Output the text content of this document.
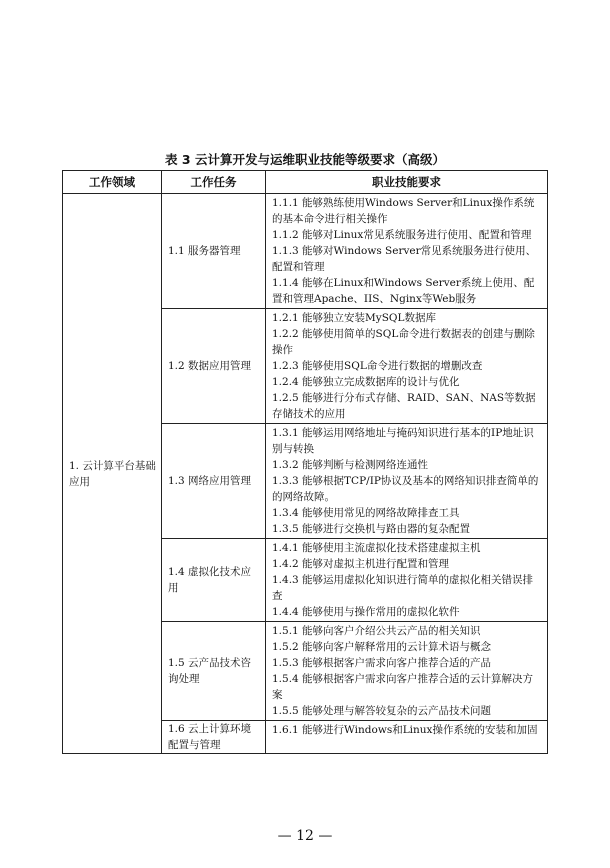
表 3 云计算开发与运维职业技能等级要求（高级）
工作领域	工作任务	职业技能要求
1. 云计算平台基础应用	1.1 服务器管理	1.1.1 能够熟练使用Windows Server和Linux操作系统的基本命令进行相关操作
1.1.2 能够对Linux常见系统服务进行使用、配置和管理
1.1.3 能够对Windows Server常见系统服务进行使用、配置和管理
1.1.4 能够在Linux和Windows Server系统上使用、配置和管理Apache、IIS、Nginx等Web服务

	1.2 数据应用管理	1.2.1 能够独立安装MySQL数据库
1.2.2 能够使用简单的SQL命令进行数据表的创建与删除操作
1.2.3 能够使用SQL命令进行数据的增删改查
1.2.4 能够独立完成数据库的设计与优化
1.2.5 能够进行分布式存储、RAID、SAN、NAS等数据存储技术的应用

	1.3 网络应用管理	1.3.1 能够运用网络地址与掩码知识进行基本的IP地址识别与转换
1.3.2 能够判断与检测网络连通性
1.3.3 能够根据TCP/IP协议及基本的网络知识排查简单的的网络故障。
1.3.4 能够使用常见的网络故障排查工具
1.3.5 能够进行交换机与路由器的复杂配置

	1.4 虚拟化技术应用	1.4.1 能够使用主流虚拟化技术搭建虚拟主机
1.4.2 能够对虚拟主机进行配置和管理
1.4.3 能够运用虚拟化知识进行简单的虚拟化相关错误排查
1.4.4 能够使用与操作常用的虚拟化软件

	1.5 云产品技术咨询处理	1.5.1 能够向客户介绍公共云产品的相关知识
1.5.2 能够向客户解释常用的云计算术语与概念
1.5.3 能够根据客户需求向客户推荐合适的产品
1.5.4 能够根据客户需求向客户推荐合适的云计算解决方案
1.5.5 能够处理与解答较复杂的云产品技术问题

	1.6 云上计算环境配置与管理	1.6.1 能够进行Windows和Linux操作系统的安装和加固
— 12 —
